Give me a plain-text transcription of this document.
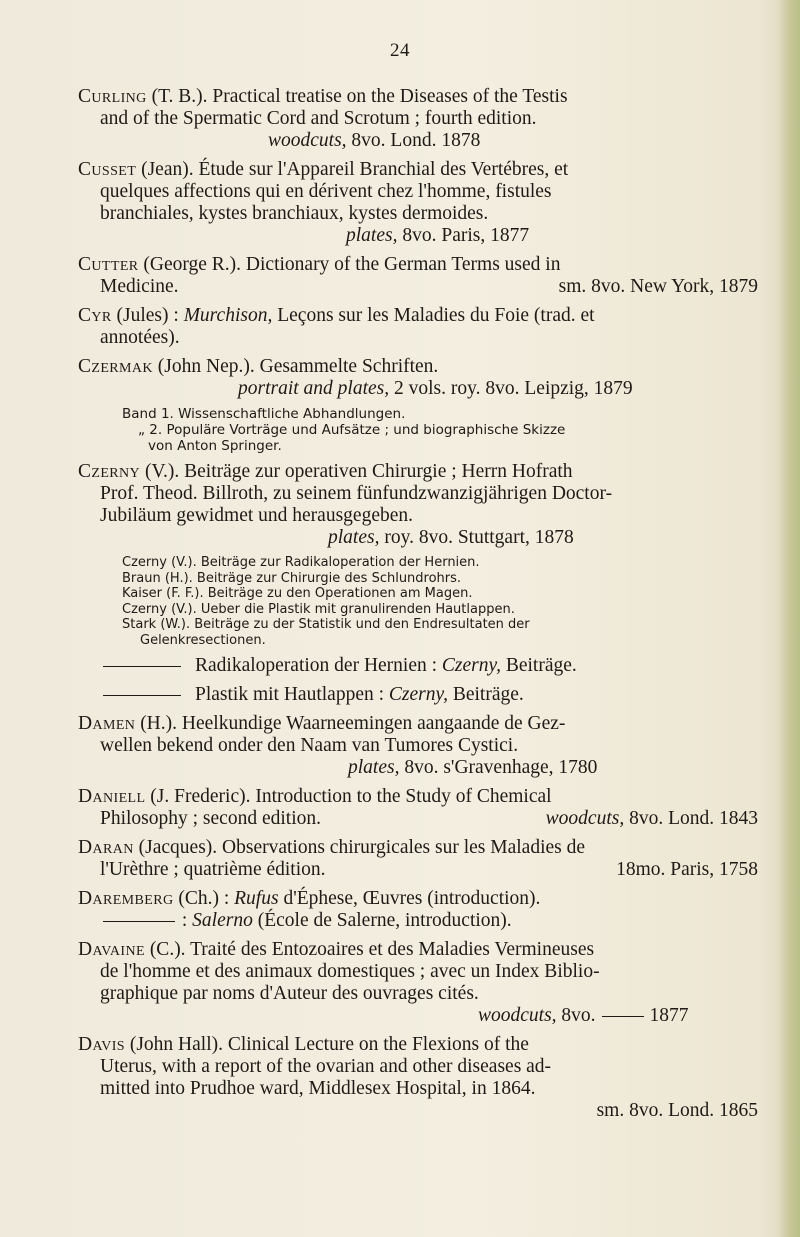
24
Curling (T. B.). Practical treatise on the Diseases of the Testis
and of the Spermatic Cord and Scrotum ; fourth edition.
woodcuts, 8vo. Lond. 1878
Cusset (Jean). Étude sur l'Appareil Branchial des Vertébres, et
quelques affections qui en dérivent chez l'homme, fistules
branchiales, kystes branchiaux, kystes dermoides.
plates, 8vo. Paris, 1877
Cutter (George R.). Dictionary of the German Terms used in
Medicine.	sm. 8vo. New York, 1879
Cyr (Jules) : Murchison, Leçons sur les Maladies du Foie (trad. et
annotées).
Czermak (John Nep.). Gesammelte Schriften.
portrait and plates, 2 vols. roy. 8vo. Leipzig, 1879
Band 1. Wissenschaftliche Abhandlungen.
„ 2. Populäre Vorträge und Aufsätze ; und biographische Skizze
von Anton Springer.
Czerny (V.). Beiträge zur operativen Chirurgie ; Herrn Hofrath
Prof. Theod. Billroth, zu seinem fünfundzwanzigjährigen Doctor-
Jubiläum gewidmet und herausgegeben.
plates, roy. 8vo. Stuttgart, 1878
Czerny (V.). Beiträge zur Radikaloperation der Hernien.
Braun (H.). Beiträge zur Chirurgie des Schlundrohrs.
Kaiser (F. F.). Beiträge zu den Operationen am Magen.
Czerny (V.). Ueber die Plastik mit granulirenden Hautlappen.
Stark (W.). Beiträge zu der Statistik und den Endresultaten der
Gelenkresectionen.
Radikaloperation der Hernien : Czerny, Beiträge.
Plastik mit Hautlappen : Czerny, Beiträge.
Damen (H.). Heelkundige Waarneemingen aangaande de Gez-
wellen bekend onder den Naam van Tumores Cystici.
plates, 8vo. s'Gravenhage, 1780
Daniell (J. Frederic). Introduction to the Study of Chemical
Philosophy ; second edition.	woodcuts, 8vo. Lond. 1843
Daran (Jacques). Observations chirurgicales sur les Maladies de
l'Urèthre ; quatrième édition.	18mo. Paris, 1758
Daremberg (Ch.) : Rufus d'Éphese, Œuvres (introduction).
: Salerno (École de Salerne, introduction).
Davaine (C.). Traité des Entozoaires et des Maladies Vermineuses
de l'homme et des animaux domestiques ; avec un Index Biblio-
graphique par noms d'Auteur des ouvrages cités.
woodcuts, 8vo.	1877
Davis (John Hall). Clinical Lecture on the Flexions of the
Uterus, with a report of the ovarian and other diseases ad-
mitted into Prudhoe ward, Middlesex Hospital, in 1864.
sm. 8vo. Lond. 1865
